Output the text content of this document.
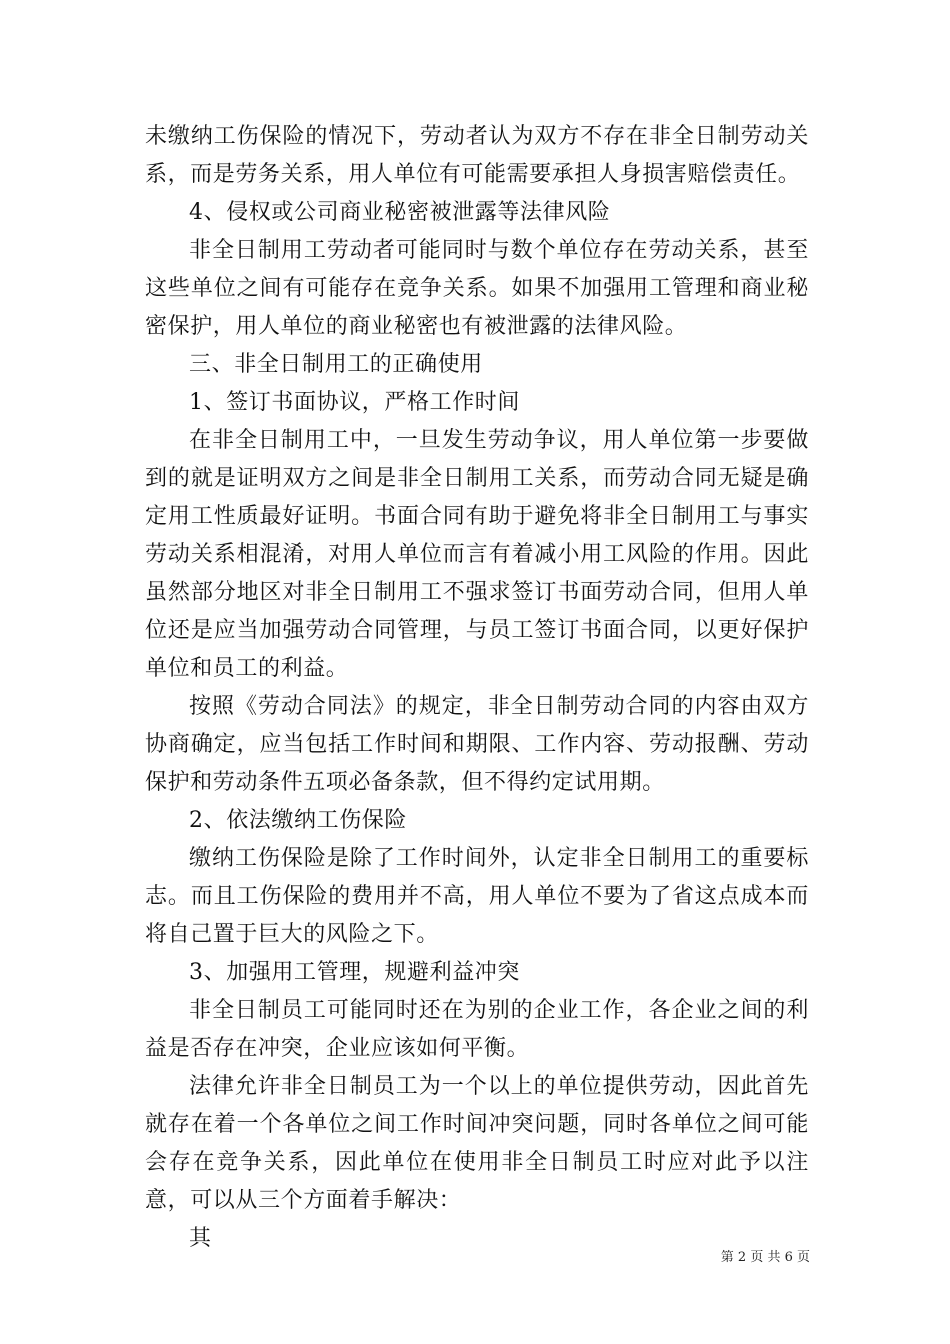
未缴纳工伤保险的情况下，劳动者认为双方不存在非全日制劳动关系，而是劳务关系，用人单位有可能需要承担人身损害赔偿责任。

4、侵权或公司商业秘密被泄露等法律风险

非全日制用工劳动者可能同时与数个单位存在劳动关系，甚至这些单位之间有可能存在竞争关系。如果不加强用工管理和商业秘密保护，用人单位的商业秘密也有被泄露的法律风险。

三、非全日制用工的正确使用

1、签订书面协议，严格工作时间

在非全日制用工中，一旦发生劳动争议，用人单位第一步要做到的就是证明双方之间是非全日制用工关系，而劳动合同无疑是确定用工性质最好证明。书面合同有助于避免将非全日制用工与事实劳动关系相混淆，对用人单位而言有着减小用工风险的作用。因此虽然部分地区对非全日制用工不强求签订书面劳动合同，但用人单位还是应当加强劳动合同管理，与员工签订书面合同，以更好保护单位和员工的利益。

按照《劳动合同法》的规定，非全日制劳动合同的内容由双方协商确定，应当包括工作时间和期限、工作内容、劳动报酬、劳动保护和劳动条件五项必备条款，但不得约定试用期。

2、依法缴纳工伤保险

缴纳工伤保险是除了工作时间外，认定非全日制用工的重要标志。而且工伤保险的费用并不高，用人单位不要为了省这点成本而将自己置于巨大的风险之下。

3、加强用工管理，规避利益冲突

非全日制员工可能同时还在为别的企业工作，各企业之间的利益是否存在冲突，企业应该如何平衡。

法律允许非全日制员工为一个以上的单位提供劳动，因此首先就存在着一个各单位之间工作时间冲突问题，同时各单位之间可能会存在竞争关系，因此单位在使用非全日制员工时应对此予以注意，可以从三个方面着手解决：

其

第 2 页 共 6 页
